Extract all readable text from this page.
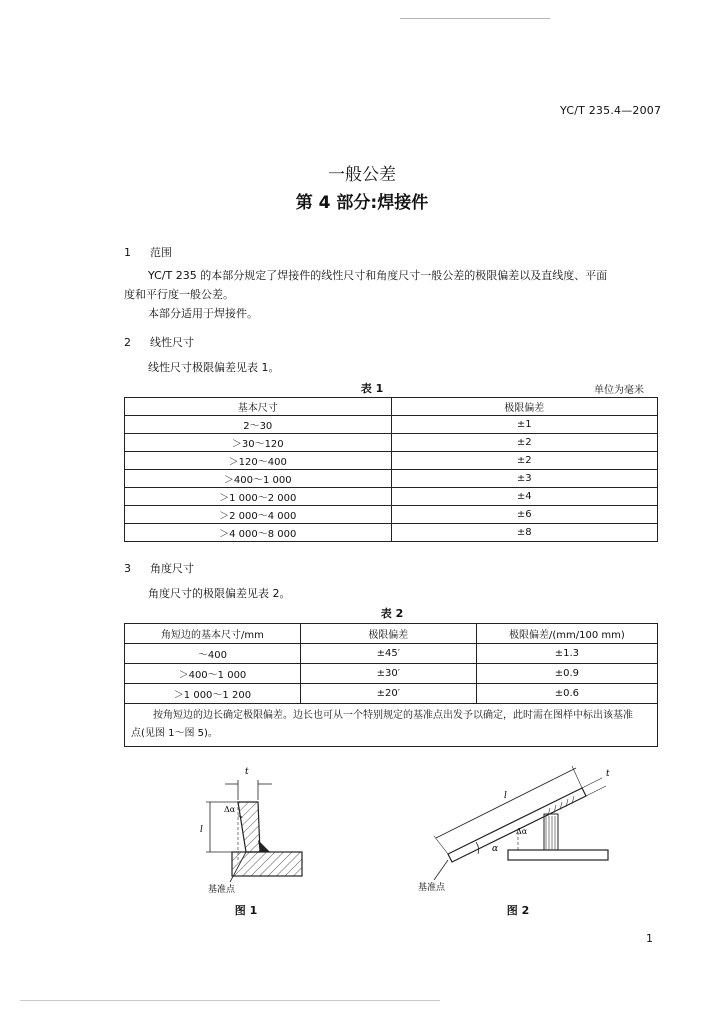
YC/T 235.4—2007
一般公差
第 4 部分:焊接件
1 范围
YC/T 235 的本部分规定了焊接件的线性尺寸和角度尺寸一般公差的极限偏差以及直线度、平面
度和平行度一般公差。
本部分适用于焊接件。
2 线性尺寸
线性尺寸极限偏差见表 1。
表 1	单位为毫米
基本尺寸	极限偏差
2～30	±1
＞30～120	±2
＞120～400	±2
＞400～1 000	±3
＞1 000～2 000	±4
＞2 000～4 000	±6
＞4 000～8 000	±8
3 角度尺寸
角度尺寸的极限偏差见表 2。
表 2
角短边的基本尺寸/mm	极限偏差	极限偏差/(mm/100 mm)
～400	±45′	±1.3
＞400～1 000	±30′	±0.9
＞1 000～1 200	±20′	±0.6

按角短边的边长确定极限偏差。边长也可从一个特别规定的基准点出发予以确定，此时需在图样中标出该基准
点(见图 1～图 5)。		
t
l
Δα
基准点
图 1
l
t
Δα
α
基准点
图 2
1
